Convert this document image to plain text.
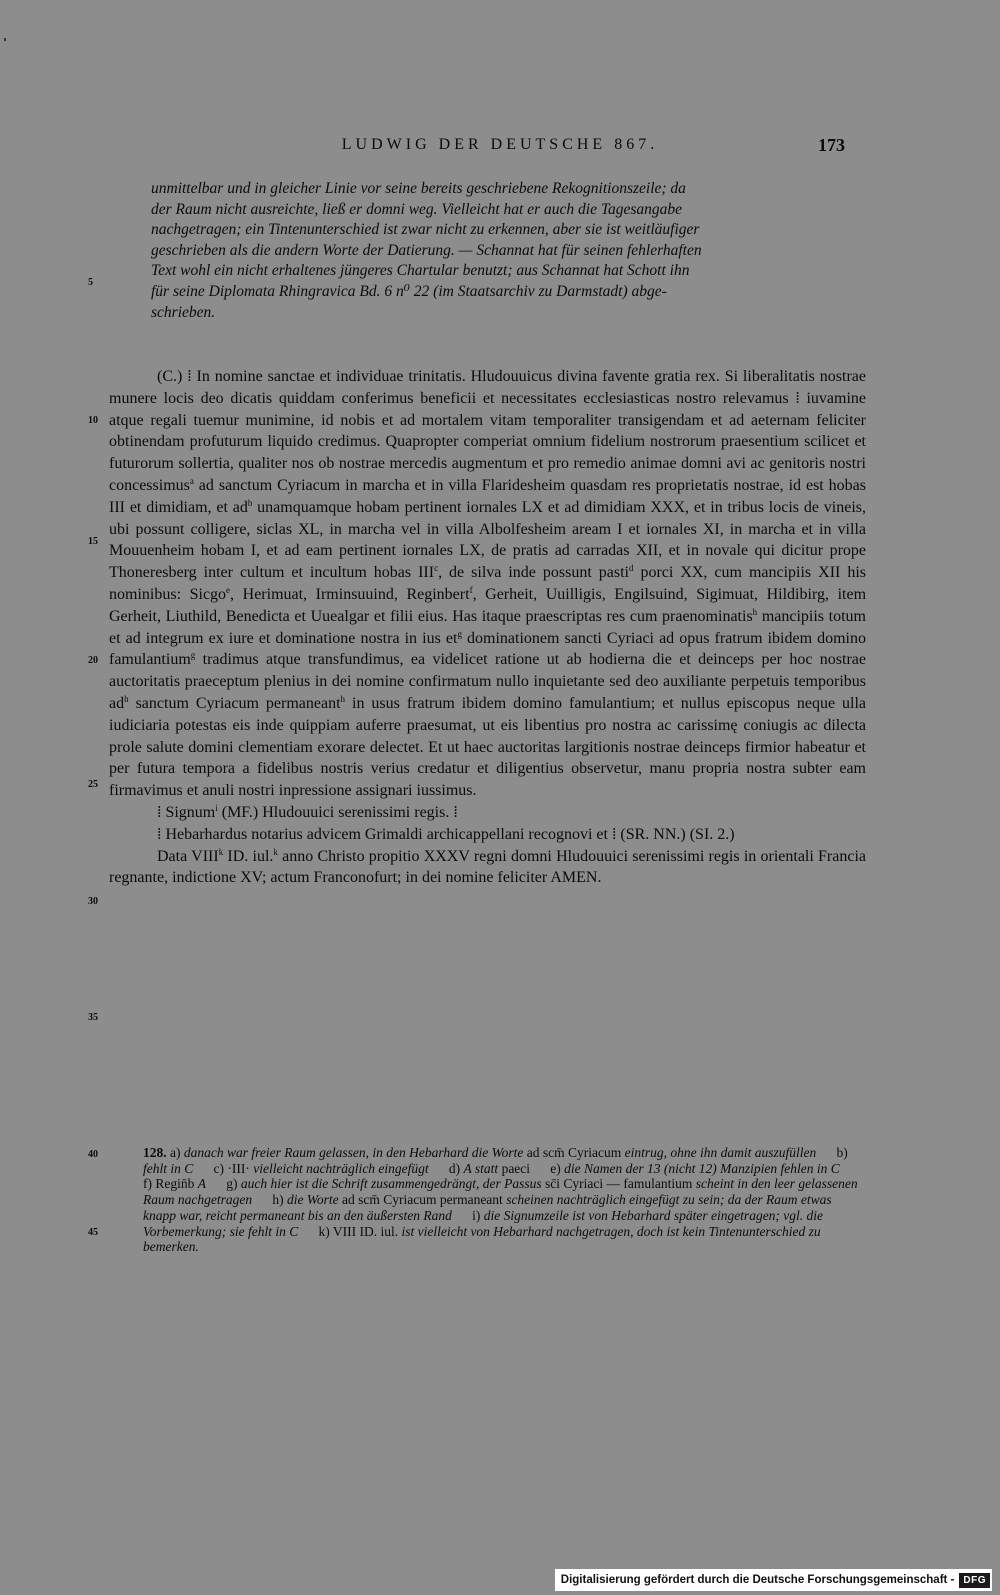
LUDWIG DER DEUTSCHE 867.	173
5
10
15
20
25
30
35
40
45
unmittelbar und in gleicher Linie vor seine bereits geschriebene Rekognitionszeile; da
der Raum nicht ausreichte, ließ er domni weg. Vielleicht hat er auch die Tagesangabe
nachgetragen; ein Tintenunterschied ist zwar nicht zu erkennen, aber sie ist weitläufiger
geschrieben als die andern Worte der Datierung. — Schannat hat für seinen fehlerhaften
Text wohl ein nicht erhaltenes jüngeres Chartular benutzt; aus Schannat hat Schott ihn
für seine Diplomata Rhingravica Bd. 6 n⁰ 22 (im Staatsarchiv zu Darmstadt) abge-
schrieben.

(C.) ⁞ In nomine sanctae et individuae trinitatis. Hludouuicus divina favente gratia rex. Si liberalitatis nostrae munere locis deo dicatis quiddam conferimus beneficii et necessitates ecclesiasticas nostro relevamus ⁞ iuvamine atque regali tuemur munimine, id nobis et ad mortalem vitam temporaliter transigendam et ad aeternam feliciter obtinendam profuturum liquido credimus. Quapropter comperiat omnium fidelium nostrorum praesentium scilicet et futurorum sollertia, qualiter nos ob nostrae mercedis augmentum et pro remedio animae domni avi ac genitoris nostri concessimus$^a$ ad sanctum Cyriacum in marcha et in villa Flaridesheim quasdam res proprietatis nostrae, id est hobas III et dimidiam, et $ad^b$ unamquamque hobam pertinent iornales LX et ad dimidiam XXX, et in tribus locis de vineis, ubi possunt colligere, siclas XL, in marcha vel in villa Albolfesheim aream I et iornales XI, in marcha et in villa Mouuenheim hobam I, et ad eam pertinent iornales LX, de pratis ad carradas XII, et in novale qui dicitur prope Thoneresberg inter cultum et incultum hobas III$^c$, de silva inde possunt pasti$^d$ porci XX, cum mancipiis XII his nominibus: Sicgo$^e$, Herimuat, Irminsuuind, Reginbert$^f$, Gerheit, Uuilligis, Engilsuind, Sigimuat, Hildibirg, item Gerheit, Liuthild, Benedicta et Uuealgar et filii eius. Has itaque praescriptas res cum praenominatis$^h$ mancipiis totum et ad integrum ex iure et dominatione nostra in ius $et^g$ dominationem sancti Cyriaci ad opus fratrum ibidem domino famulantium$^g$ tradimus atque transfundimus, ea videlicet ratione ut ab hodierna die et deinceps per hoc nostrae auctoritatis praeceptum plenius in dei nomine confirmatum nullo inquietante sed deo auxiliante perpetuis temporibus $ad^h$ sanctum Cyriacum permaneant$^h$ in usus fratrum ibidem domino famulantium; et nullus episcopus neque ulla iudiciaria potestas eis inde quippiam auferre praesumat, ut eis libentius pro nostra ac carissimę coniugis ac dilecta prole salute domini clementiam exorare delectet. Et ut haec auctoritas largitionis nostrae deinceps firmior habeatur et per futura tempora a fidelibus nostris verius credatur et diligentius observetur, manu propria nostra subter eam firmavimus et anuli nostri inpressione assignari iussimus.

⁞ Signum$^i$ (MF.) Hludouuici serenissimi regis. ⁞

⁞ Hebarhardus notarius advicem Grimaldi archicappellani recognovi et ⁞ (SR. NN.) (SI. 2.)

Data VIII$^k$ ID. iul.$^k$ anno Christo propitio XXXV regni domni Hludouuici serenissimi regis in orientali Francia regnante, indictione XV; actum Franconofurt; in dei nomine feliciter AMEN.

128. a) danach war freier Raum gelassen, in den Hebarhard die Worte ad scm̄ Cyriacum eintrug, ohne ihn damit auszufüllen      b) fehlt in C      c) ·III· vielleicht nachträglich eingefügt      d) A statt paeci      e) die Namen der 13 (nicht 12) Manzipien fehlen in C      f) Regin̄b A      g) auch hier ist die Schrift zusammengedrängt, der Passus sc̄i Cyriaci — famulantium scheint in den leer gelassenen Raum nachgetragen      h) die Worte ad scm̄ Cyriacum permaneant scheinen nachträglich eingefügt zu sein; da der Raum etwas knapp war, reicht permaneant bis an den äußersten Rand      i) die Signumzeile ist von Hebarhard später eingetragen; vgl. die Vorbemerkung; sie fehlt in C      k) VIII ID. iul. ist vielleicht von Hebarhard nachgetragen, doch ist kein Tintenunterschied zu bemerken.
Digitalisierung gefördert durch die Deutsche Forschungsgemeinschaft - DFG
